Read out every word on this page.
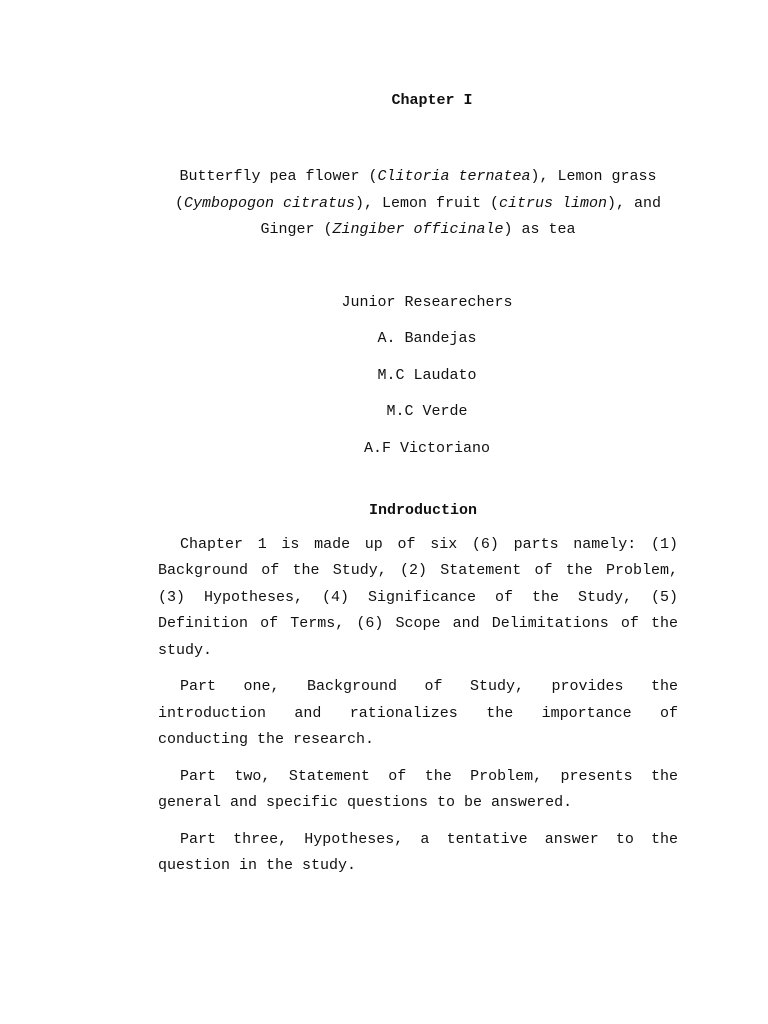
Chapter I

Butterfly pea flower (Clitoria ternatea), Lemon grass (Cymbopogon citratus), Lemon fruit (citrus limon), and Ginger (Zingiber officinale) as tea

Junior Researechers

A. Bandejas

M.C Laudato

M.C Verde

A.F Victoriano

Indroduction

Chapter 1 is made up of six (6) parts namely: (1) Background of the Study, (2) Statement of the Problem, (3) Hypotheses, (4) Significance of the Study, (5) Definition of Terms, (6) Scope and Delimitations of the study.

Part one, Background of Study, provides the introduction and rationalizes the importance of conducting the research.

Part two, Statement of the Problem, presents the general and specific questions to be answered.

Part three, Hypotheses, a tentative answer to the question in the study.
